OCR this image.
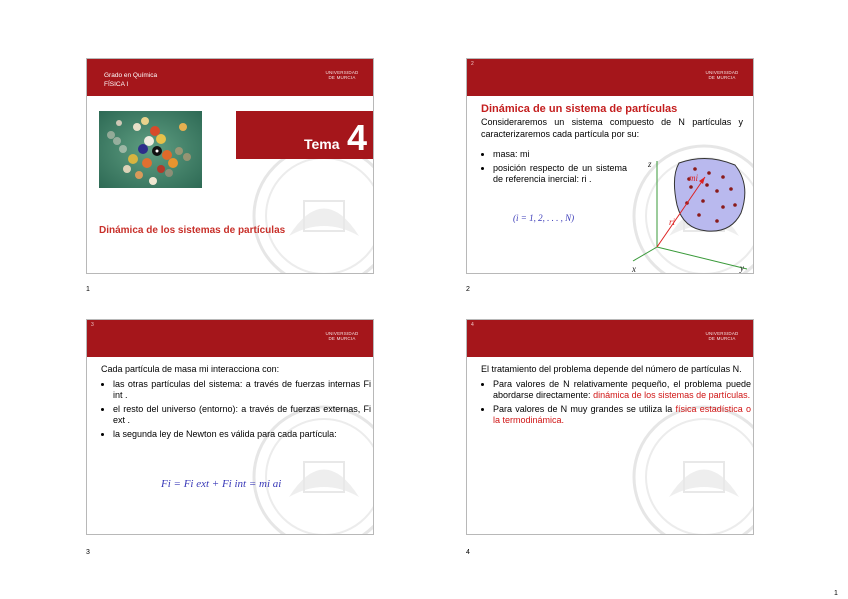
Grado en Química
FÍSICA I
UNIVERSIDAD DE MURCIA
Tema 4
Dinámica de los sistemas de partículas
1
2
UNIVERSIDAD DE MURCIA
Dinámica de un sistema de partículas

Consideraremos un sistema compuesto de N partículas y caracterizaremos cada partícula por su:

• masa: mi
• posición respecto de un sistema de referencia inercial: ri .
(i = 1, 2, . . . , N)
z
x	y
mi
ri
2
3
UNIVERSIDAD DE MURCIA

Cada partícula de masa mi interacciona con:

• las otras partículas del sistema: a través de fuerzas internas Fi int .
• el resto del universo (entorno): a través de fuerzas externas, Fi ext .
• la segunda ley de Newton es válida para cada partícula:
Fi = Fi ext + Fi int = mi ai
3
4
UNIVERSIDAD DE MURCIA

El tratamiento del problema depende del número de partículas N.

• Para valores de N relativamente pequeño, el problema puede abordarse directamente: dinámica de los sistemas de partículas.
• Para valores de N muy grandes se utiliza la física estadística o la termodinámica.
4
1
